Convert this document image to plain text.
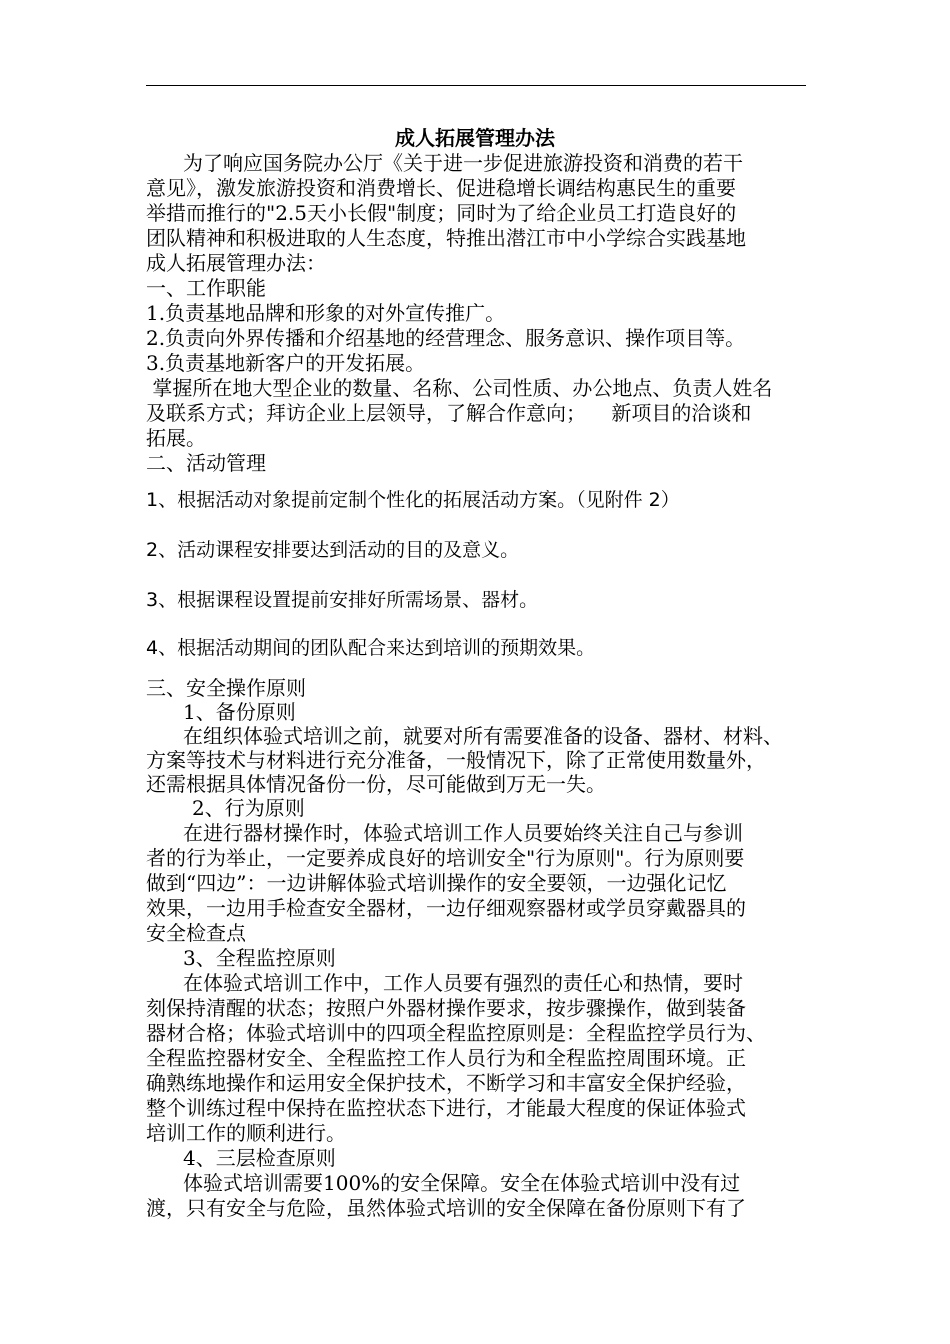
成人拓展管理办法
为了响应国务院办公厅《关于进一步促进旅游投资和消费的若干
意见》，激发旅游投资和消费增长、促进稳增长调结构惠民生的重要
举措而推行的"2.5天小长假"制度；同时为了给企业员工打造良好的
团队精神和积极进取的人生态度，特推出潜江市中小学综合实践基地
成人拓展管理办法：
一、工作职能
1.负责基地品牌和形象的对外宣传推广。
2.负责向外界传播和介绍基地的经营理念、服务意识、操作项目等。
3.负责基地新客户的开发拓展。
掌握所在地大型企业的数量、名称、公司性质、办公地点、负责人姓名
及联系方式；拜访企业上层领导，了解合作意向；    新项目的洽谈和
拓展。
二、活动管理
1、根据活动对象提前定制个性化的拓展活动方案。（见附件 2）
2、活动课程安排要达到活动的目的及意义。
3、根据课程设置提前安排好所需场景、器材。
4、根据活动期间的团队配合来达到培训的预期效果。
三、安全操作原则
1、备份原则
在组织体验式培训之前，就要对所有需要准备的设备、器材、材料、
方案等技术与材料进行充分准备，一般情况下，除了正常使用数量外，
还需根据具体情况备份一份，尽可能做到万无一失。
2、行为原则
在进行器材操作时，体验式培训工作人员要始终关注自己与参训
者的行为举止，一定要养成良好的培训安全"行为原则"。行为原则要
做到“四边”：一边讲解体验式培训操作的安全要领，一边强化记忆
效果，一边用手检查安全器材，一边仔细观察器材或学员穿戴器具的
安全检查点
3、全程监控原则
在体验式培训工作中，工作人员要有强烈的责任心和热情，要时
刻保持清醒的状态；按照户外器材操作要求，按步骤操作，做到装备
器材合格；体验式培训中的四项全程监控原则是：全程监控学员行为、
全程监控器材安全、全程监控工作人员行为和全程监控周围环境。正
确熟练地操作和运用安全保护技术，不断学习和丰富安全保护经验，
整个训练过程中保持在监控状态下进行，才能最大程度的保证体验式
培训工作的顺利进行。
4、三层检查原则
体验式培训需要100%的安全保障。安全在体验式培训中没有过
渡，只有安全与危险，虽然体验式培训的安全保障在备份原则下有了
